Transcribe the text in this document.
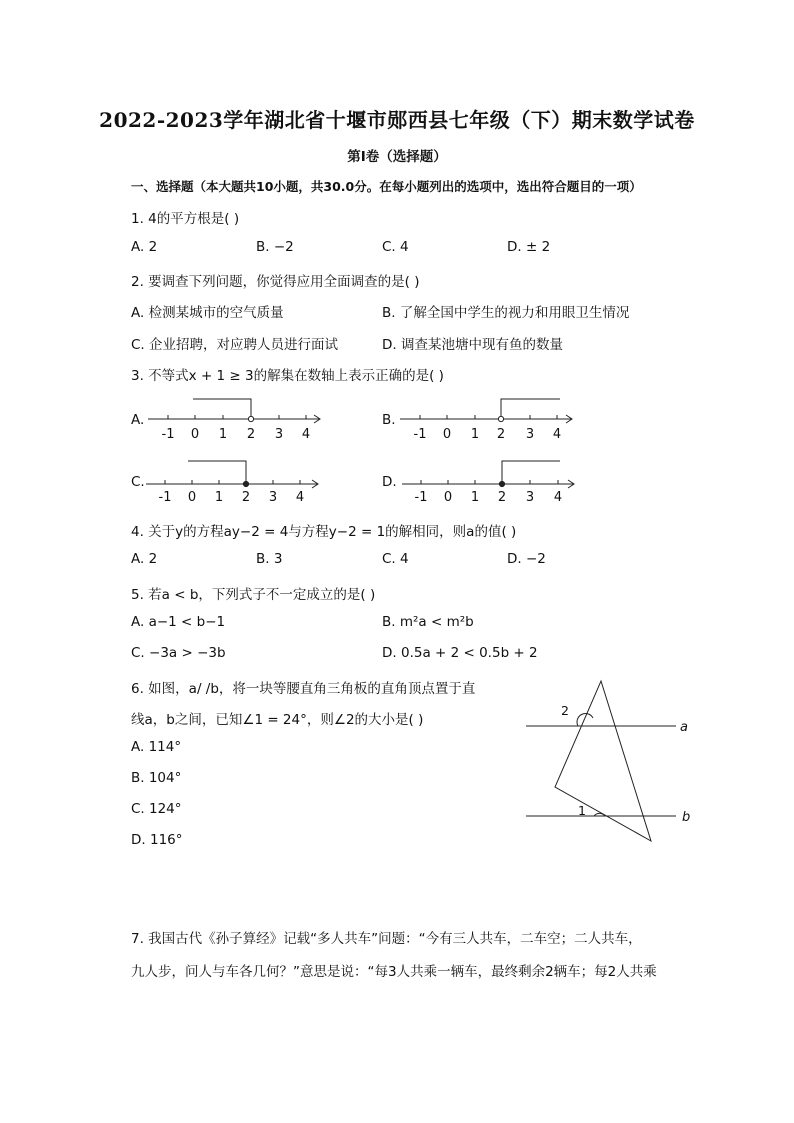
2022-2023学年湖北省十堰市郧西县七年级（下）期末数学试卷
第Ⅰ卷（选择题）
一、选择题（本大题共10小题，共30.0分。在每小题列出的选项中，选出符合题目的一项）
1. 4的平方根是( )
A. 2	B. −2	C. 4	D. ± 2
2. 要调查下列问题，你觉得应用全面调查的是( )
A. 检测某城市的空气质量	B. 了解全国中学生的视力和用眼卫生情况
C. 企业招聘，对应聘人员进行面试	D. 调查某池塘中现有鱼的数量
3. 不等式x + 1 ≥ 3的解集在数轴上表示正确的是( )
A.	B.
C.	D.
-1 0 1 2 3 4	-1 0 1 2 3 4
-1 0 1 2 3 4	-1 0 1 2 3 4
4. 关于y的方程ay−2 = 4与方程y−2 = 1的解相同，则a的值( )
A. 2	B. 3	C. 4	D. −2
5. 若a < b，下列式子不一定成立的是( )
A. a−1 < b−1	B. m²a < m²b
C. −3a > −3b	D. 0.5a + 2 < 0.5b + 2
6. 如图，a/ /b，将一块等腰直角三角板的直角顶点置于直
线a，b之间，已知∠1 = 24°，则∠2的大小是( )
A. 114°
B. 104°
C. 124°
D. 116°
a
b
2
1
7. 我国古代《孙子算经》记载“多人共车”问题：“今有三人共车，二车空；二人共车，
九人步，问人与车各几何？”意思是说：“每3人共乘一辆车，最终剩余2辆车；每2人共乘
